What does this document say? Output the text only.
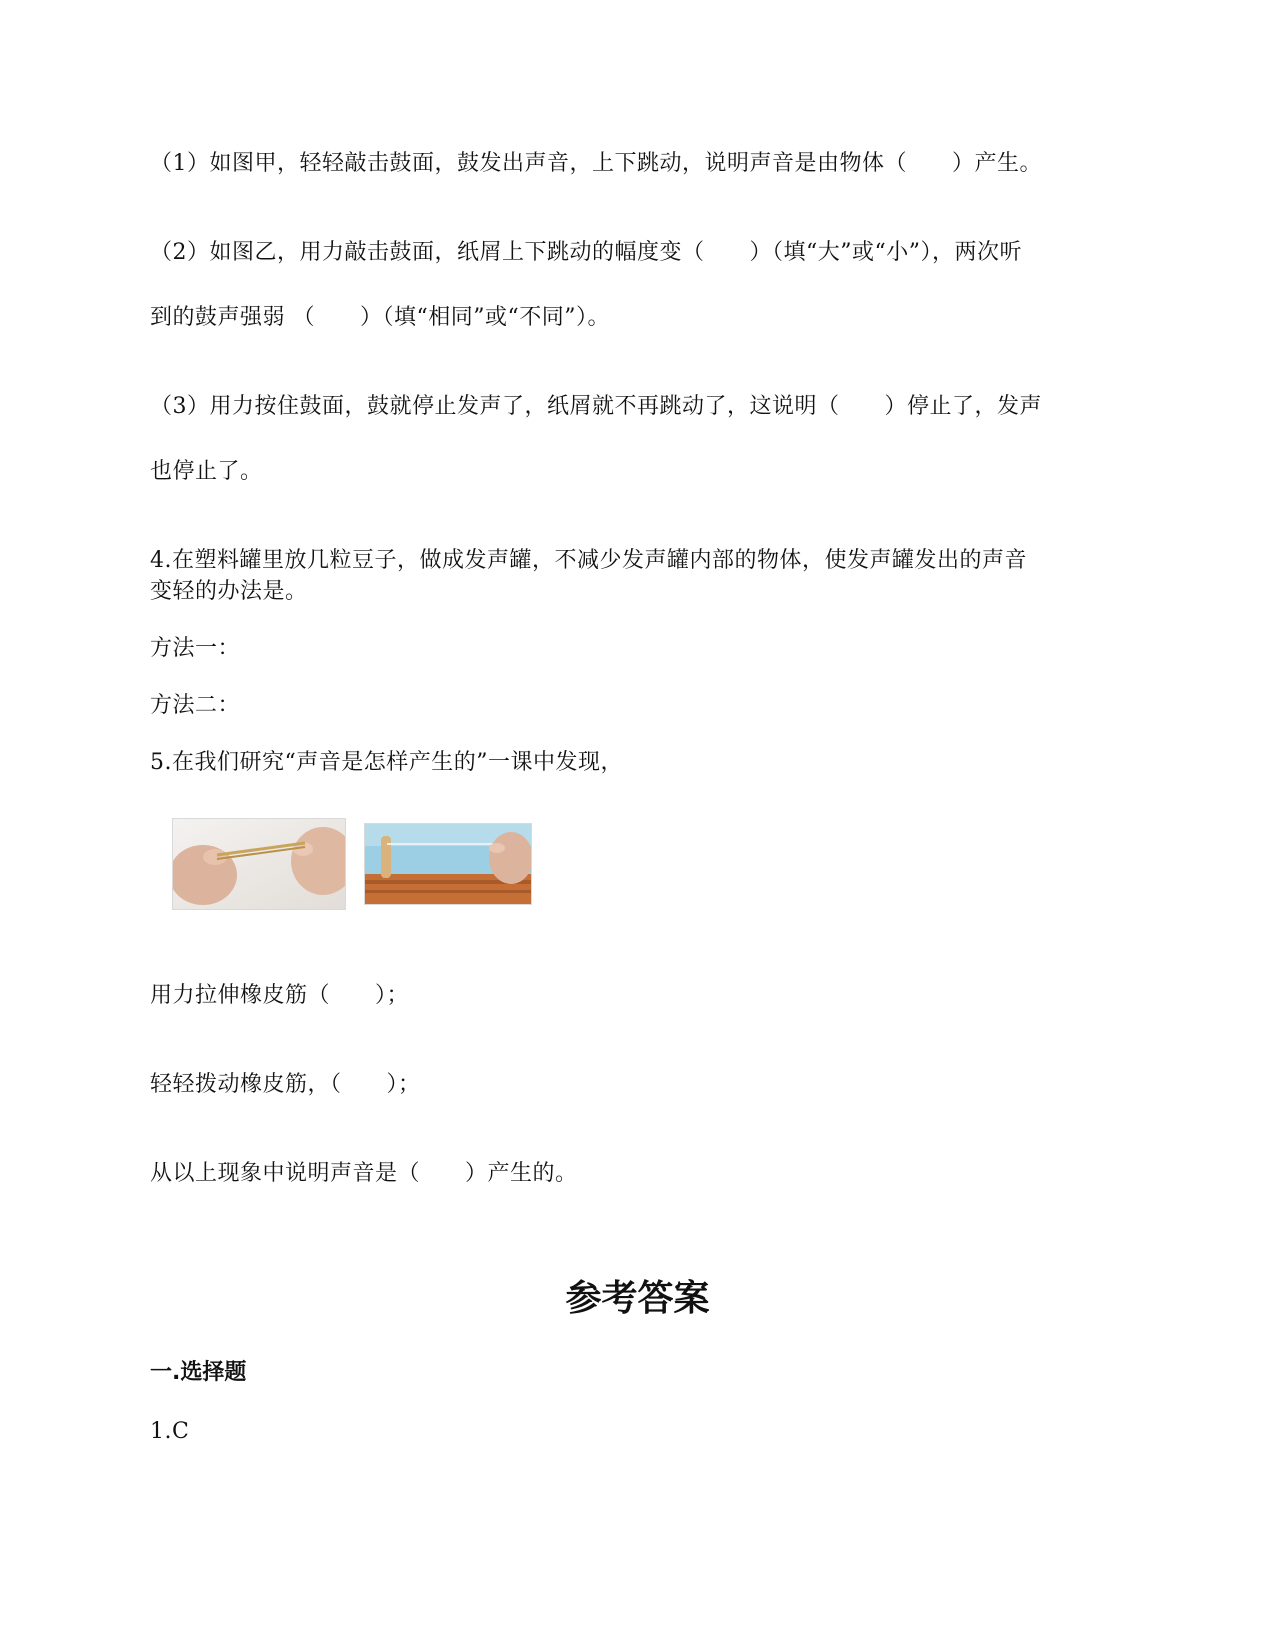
（1）如图甲，轻轻敲击鼓面，鼓发出声音，上下跳动，说明声音是由物体（　　）产生。
（2）如图乙，用力敲击鼓面，纸屑上下跳动的幅度变（　　）（填“大”或“小”），两次听
到的鼓声强弱 （　　）（填“相同”或“不同”）。
（3）用力按住鼓面，鼓就停止发声了，纸屑就不再跳动了，这说明（　　）停止了，发声
也停止了。
4.在塑料罐里放几粒豆子，做成发声罐，不减少发声罐内部的物体，使发声罐发出的声音
变轻的办法是。
方法一：
方法二：
5.在我们研究“声音是怎样产生的”一课中发现，
用力拉伸橡皮筋（　　）；
轻轻拨动橡皮筋，（　　）；
从以上现象中说明声音是（　　）产生的。
参考答案
一.选择题
1.C
